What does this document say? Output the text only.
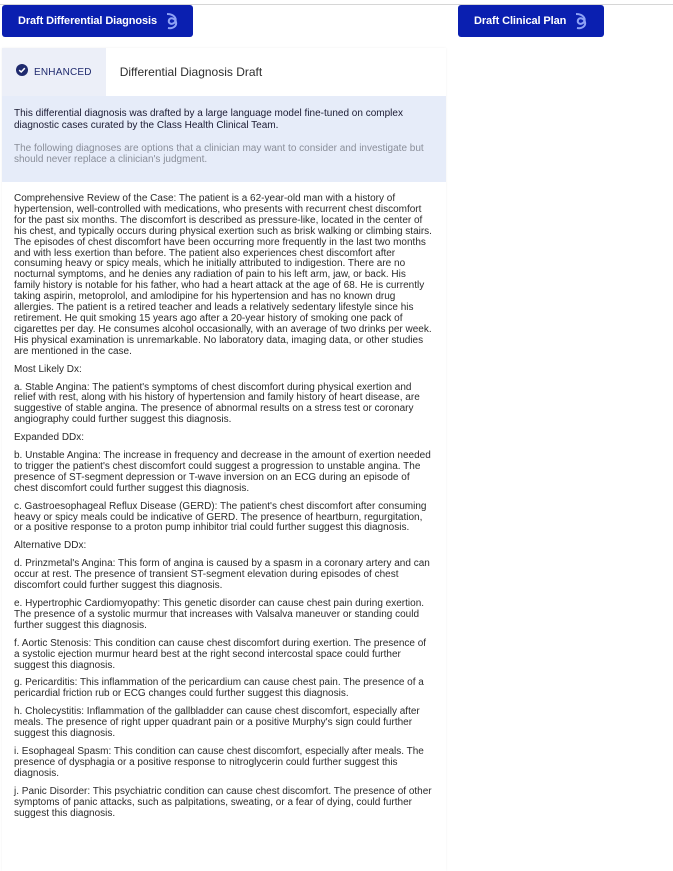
Draft Differential Diagnosis	Draft Clinical Plan
ENHANCED Differential Diagnosis Draft

This differential diagnosis was drafted by a large language model fine-tuned on complex diagnostic cases curated by the Class Health Clinical Team.

The following diagnoses are options that a clinician may want to consider and investigate but should never replace a clinician's judgment.

Comprehensive Review of the Case: The patient is a 62-year-old man with a history of hypertension, well-controlled with medications, who presents with recurrent chest discomfort for the past six months. The discomfort is described as pressure-like, located in the center of his chest, and typically occurs during physical exertion such as brisk walking or climbing stairs. The episodes of chest discomfort have been occurring more frequently in the last two months and with less exertion than before. The patient also experiences chest discomfort after consuming heavy or spicy meals, which he initially attributed to indigestion. There are no nocturnal symptoms, and he denies any radiation of pain to his left arm, jaw, or back. His family history is notable for his father, who had a heart attack at the age of 68. He is currently taking aspirin, metoprolol, and amlodipine for his hypertension and has no known drug allergies. The patient is a retired teacher and leads a relatively sedentary lifestyle since his retirement. He quit smoking 15 years ago after a 20-year history of smoking one pack of cigarettes per day. He consumes alcohol occasionally, with an average of two drinks per week. His physical examination is unremarkable. No laboratory data, imaging data, or other studies are mentioned in the case.

Most Likely Dx:

a. Stable Angina: The patient's symptoms of chest discomfort during physical exertion and relief with rest, along with his history of hypertension and family history of heart disease, are suggestive of stable angina. The presence of abnormal results on a stress test or coronary angiography could further suggest this diagnosis.

Expanded DDx:

b. Unstable Angina: The increase in frequency and decrease in the amount of exertion needed to trigger the patient's chest discomfort could suggest a progression to unstable angina. The presence of ST-segment depression or T-wave inversion on an ECG during an episode of chest discomfort could further suggest this diagnosis.

c. Gastroesophageal Reflux Disease (GERD): The patient's chest discomfort after consuming heavy or spicy meals could be indicative of GERD. The presence of heartburn, regurgitation, or a positive response to a proton pump inhibitor trial could further suggest this diagnosis.

Alternative DDx:

d. Prinzmetal's Angina: This form of angina is caused by a spasm in a coronary artery and can occur at rest. The presence of transient ST-segment elevation during episodes of chest discomfort could further suggest this diagnosis.

e. Hypertrophic Cardiomyopathy: This genetic disorder can cause chest pain during exertion. The presence of a systolic murmur that increases with Valsalva maneuver or standing could further suggest this diagnosis.

f. Aortic Stenosis: This condition can cause chest discomfort during exertion. The presence of a systolic ejection murmur heard best at the right second intercostal space could further suggest this diagnosis.

g. Pericarditis: This inflammation of the pericardium can cause chest pain. The presence of a pericardial friction rub or ECG changes could further suggest this diagnosis.

h. Cholecystitis: Inflammation of the gallbladder can cause chest discomfort, especially after meals. The presence of right upper quadrant pain or a positive Murphy's sign could further suggest this diagnosis.

i. Esophageal Spasm: This condition can cause chest discomfort, especially after meals. The presence of dysphagia or a positive response to nitroglycerin could further suggest this diagnosis.

j. Panic Disorder: This psychiatric condition can cause chest discomfort. The presence of other symptoms of panic attacks, such as palpitations, sweating, or a fear of dying, could further suggest this diagnosis.
